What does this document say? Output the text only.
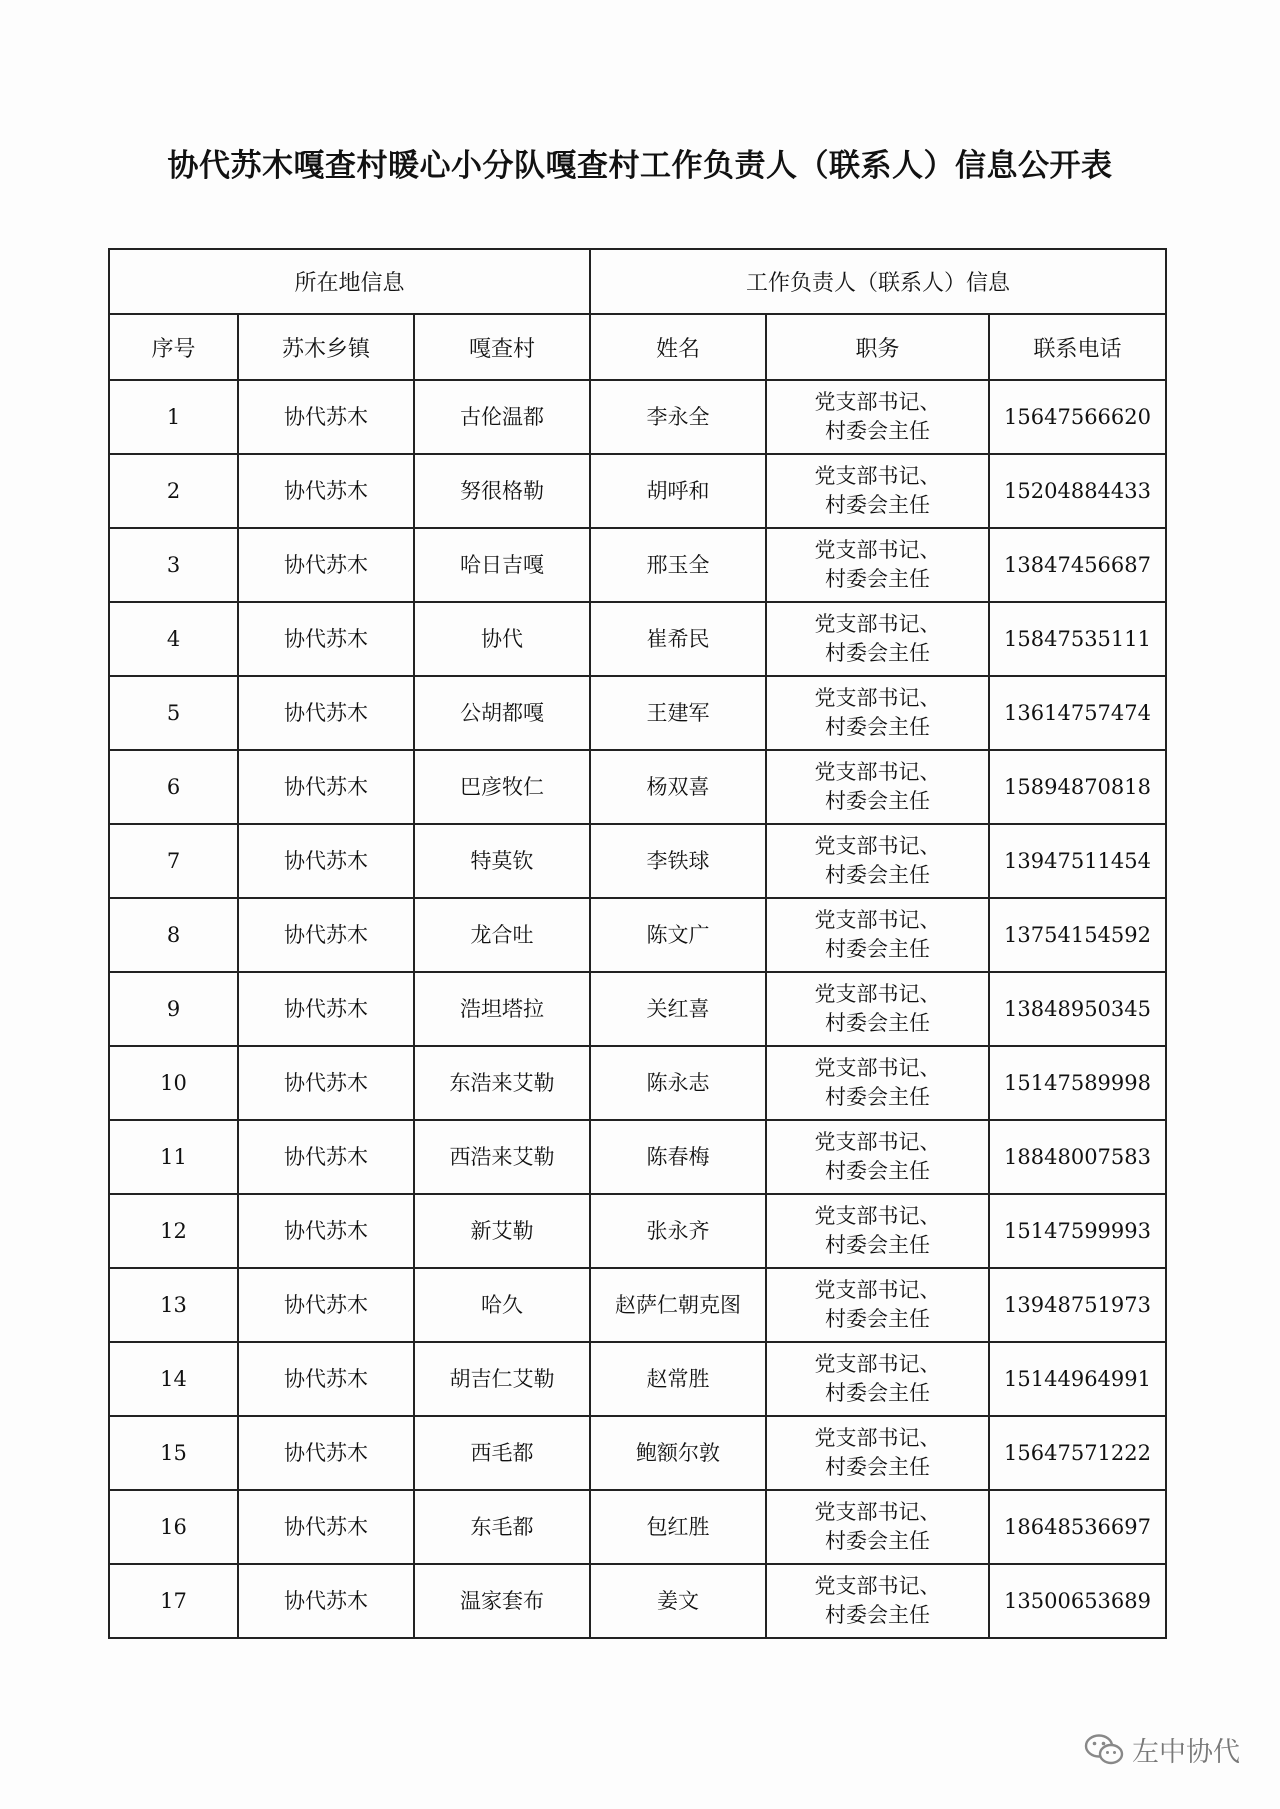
协代苏木嘎查村暖心小分队嘎查村工作负责人（联系人）信息公开表
所在地信息			工作负责人（联系人）信息		
序号	苏木乡镇	嘎查村	姓名	职务	联系电话
1	协代苏木	古伦温都	李永全	党支部书记、
村委会主任	15647566620
2	协代苏木	努很格勒	胡呼和	党支部书记、
村委会主任	15204884433
3	协代苏木	哈日吉嘎	邢玉全	党支部书记、
村委会主任	13847456687
4	协代苏木	协代	崔希民	党支部书记、
村委会主任	15847535111
5	协代苏木	公胡都嘎	王建军	党支部书记、
村委会主任	13614757474
6	协代苏木	巴彦牧仁	杨双喜	党支部书记、
村委会主任	15894870818
7	协代苏木	特莫钦	李铁球	党支部书记、
村委会主任	13947511454
8	协代苏木	龙合吐	陈文广	党支部书记、
村委会主任	13754154592
9	协代苏木	浩坦塔拉	关红喜	党支部书记、
村委会主任	13848950345
10	协代苏木	东浩来艾勒	陈永志	党支部书记、
村委会主任	15147589998
11	协代苏木	西浩来艾勒	陈春梅	党支部书记、
村委会主任	18848007583
12	协代苏木	新艾勒	张永齐	党支部书记、
村委会主任	15147599993
13	协代苏木	哈久	赵萨仁朝克图	党支部书记、
村委会主任	13948751973
14	协代苏木	胡吉仁艾勒	赵常胜	党支部书记、
村委会主任	15144964991
15	协代苏木	西毛都	鲍额尔敦	党支部书记、
村委会主任	15647571222
16	协代苏木	东毛都	包红胜	党支部书记、
村委会主任	18648536697
17	协代苏木	温家套布	姜文	党支部书记、
村委会主任	13500653689
左中协代
